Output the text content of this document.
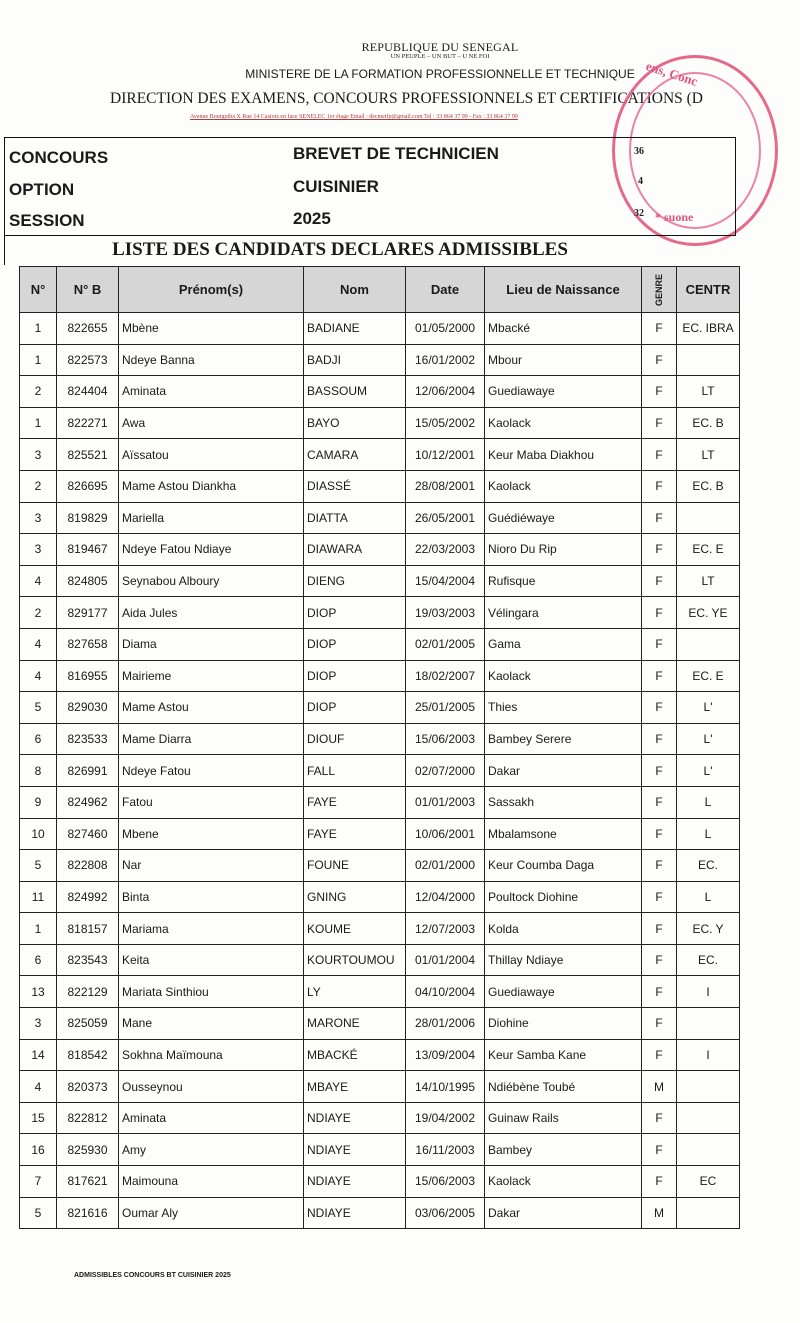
REPUBLIQUE DU SENEGAL
UN PEUPLE – UN BUT – U NE FOI
MINISTERE DE LA FORMATION PROFESSIONNELLE ET TECHNIQUE
DIRECTION DES EXAMENS, CONCOURS PROFESSIONNELS ET CERTIFICATIONS (D
Avenue Bourguiba X Rue 14 Castors en face SENELEC 1er étage Email : decmetfp@gmail.com Tel : 33 864 37 99 - Fax : 33 864 37 99
ens, Conc
* suone
CONCOURS	BREVET DE TECHNICIEN
OPTION	CUISINIER
SESSION	2025
36
4
32
LISTE DES CANDIDATS DECLARES ADMISSIBLES
N°	N° B	Prénom(s)	Nom	Date	Lieu de Naissance	GENRE	CENTR
1	822655	Mbène	BADIANE	01/05/2000	Mbacké	F	EC. IBRA
1	822573	Ndeye Banna	BADJI	16/01/2002	Mbour	F	
2	824404	Aminata	BASSOUM	12/06/2004	Guediawaye	F	LT
1	822271	Awa	BAYO	15/05/2002	Kaolack	F	EC. B
3	825521	Aïssatou	CAMARA	10/12/2001	Keur Maba Diakhou	F	LT
2	826695	Mame Astou Diankha	DIASSÉ	28/08/2001	Kaolack	F	EC. B
3	819829	Mariella	DIATTA	26/05/2001	Guédiéwaye	F	
3	819467	Ndeye Fatou Ndiaye	DIAWARA	22/03/2003	Nioro Du Rip	F	EC. E
4	824805	Seynabou Alboury	DIENG	15/04/2004	Rufisque	F	LT
2	829177	Aida Jules	DIOP	19/03/2003	Vélingara	F	EC. YE
4	827658	Diama	DIOP	02/01/2005	Gama	F	
4	816955	Mairieme	DIOP	18/02/2007	Kaolack	F	EC. E
5	829030	Mame Astou	DIOP	25/01/2005	Thies	F	L'
6	823533	Mame Diarra	DIOUF	15/06/2003	Bambey Serere	F	L'
8	826991	Ndeye Fatou	FALL	02/07/2000	Dakar	F	L'
9	824962	Fatou	FAYE	01/01/2003	Sassakh	F	L
10	827460	Mbene	FAYE	10/06/2001	Mbalamsone	F	L
5	822808	Nar	FOUNE	02/01/2000	Keur Coumba Daga	F	EC.
11	824992	Binta	GNING	12/04/2000	Poultock Diohine	F	L
1	818157	Mariama	KOUME	12/07/2003	Kolda	F	EC. Y
6	823543	Keita	KOURTOUMOU	01/01/2004	Thillay Ndiaye	F	EC.
13	822129	Mariata Sinthiou	LY	04/10/2004	Guediawaye	F	I
3	825059	Mane	MARONE	28/01/2006	Diohine	F	
14	818542	Sokhna Maïmouna	MBACKÉ	13/09/2004	Keur Samba Kane	F	I
4	820373	Ousseynou	MBAYE	14/10/1995	Ndiébène Toubé	M	
15	822812	Aminata	NDIAYE	19/04/2002	Guinaw Rails	F	
16	825930	Amy	NDIAYE	16/11/2003	Bambey	F	
7	817621	Maimouna	NDIAYE	15/06/2003	Kaolack	F	EC
5	821616	Oumar Aly	NDIAYE	03/06/2005	Dakar	M	
ADMISSIBLES CONCOURS BT CUISINIER 2025
